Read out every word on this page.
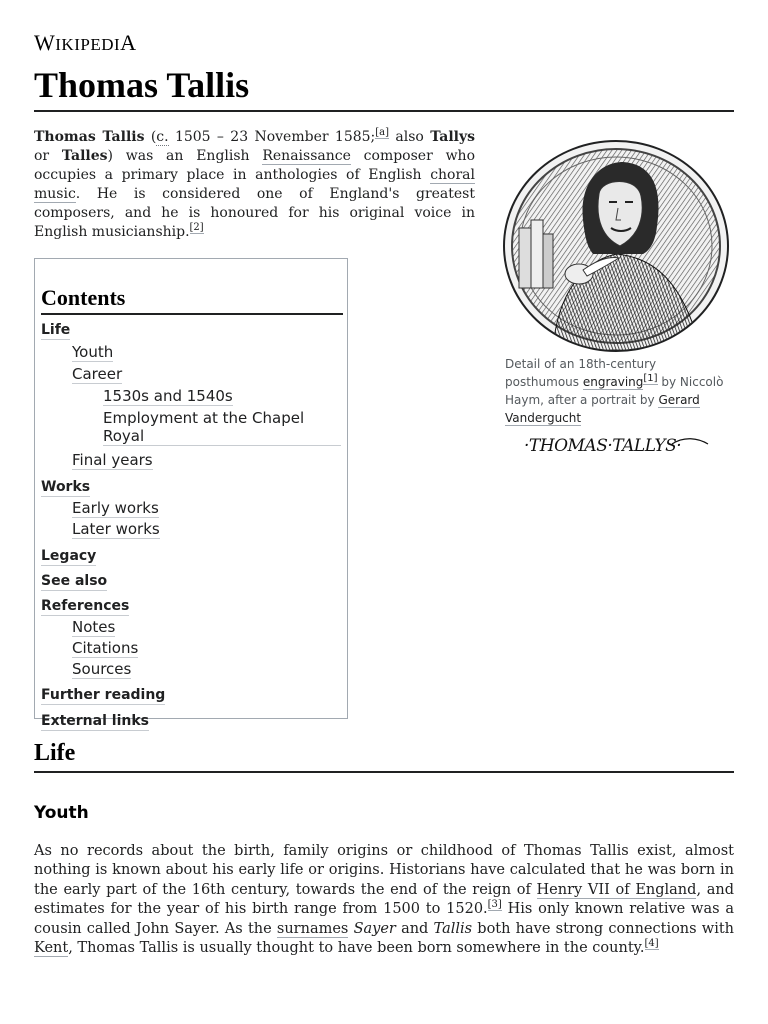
WIKIPEDIA
Thomas Tallis

Thomas Tallis (c. 1505 – 23 November 1585;[a] also Tallys or Talles) was an English Renaissance composer who occupies a primary place in anthologies of English choral music. He is considered one of England's greatest composers, and he is honoured for his original voice in English musicianship.[2]

Contents
Life
Youth
Career
1530s and 1540s
Employment at the Chapel Royal
Final years
Works
Early works
Later works
Legacy
See also
References
Notes
Citations
Sources
Further reading
External links
Detail of an 18th-century posthumous engraving[1] by Niccolò Haym, after a portrait by Gerard Vandergucht
·THOMAS·TALLYS·
Life
Youth

As no records about the birth, family origins or childhood of Thomas Tallis exist, almost nothing is known about his early life or origins. Historians have calculated that he was born in the early part of the 16th century, towards the end of the reign of Henry VII of England, and estimates for the year of his birth range from 1500 to 1520.[3] His only known relative was a cousin called John Sayer. As the surnames Sayer and Tallis both have strong connections with Kent, Thomas Tallis is usually thought to have been born somewhere in the county.[4]
